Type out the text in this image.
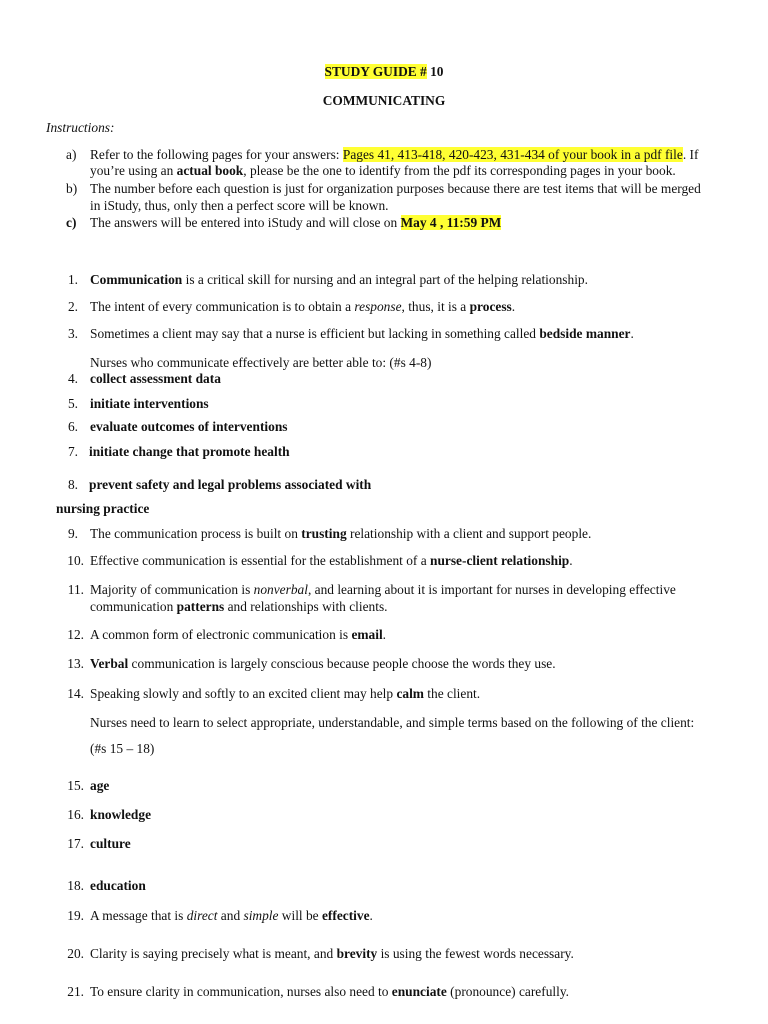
STUDY GUIDE # 10
COMMUNICATING
Instructions:
a) Refer to the following pages for your answers: Pages 41, 413-418, 420-423, 431-434 of your book in a pdf file. If
you’re using an actual book, please be the one to identify from the pdf its corresponding pages in your book.
b) The number before each question is just for organization purposes because there are test items that will be merged
in iStudy, thus, only then a perfect score will be known.
c) The answers will be entered into iStudy and will close on May 4 , 11:59 PM
1. Communication is a critical skill for nursing and an integral part of the helping relationship.
2. The intent of every communication is to obtain a response, thus, it is a process.
3. Sometimes a client may say that a nurse is efficient but lacking in something called bedside manner.
Nurses who communicate effectively are better able to: (#s 4-8)
4. collect assessment data
5. initiate interventions
6. evaluate outcomes of interventions
7. initiate change that promote health
8. prevent safety and legal problems associated with
nursing practice
9. The communication process is built on trusting relationship with a client and support people.
10. Effective communication is essential for the establishment of a nurse-client relationship.
11. Majority of communication is nonverbal, and learning about it is important for nurses in developing effective
communication patterns and relationships with clients.
12. A common form of electronic communication is email.
13. Verbal communication is largely conscious because people choose the words they use.
14. Speaking slowly and softly to an excited client may help calm the client.
Nurses need to learn to select appropriate, understandable, and simple terms based on the following of the client:
(#s 15 – 18)
15. age
16. knowledge
17. culture
18. education
19. A message that is direct and simple will be effective.
20. Clarity is saying precisely what is meant, and brevity is using the fewest words necessary.
21. To ensure clarity in communication, nurses also need to enunciate (pronounce) carefully.
